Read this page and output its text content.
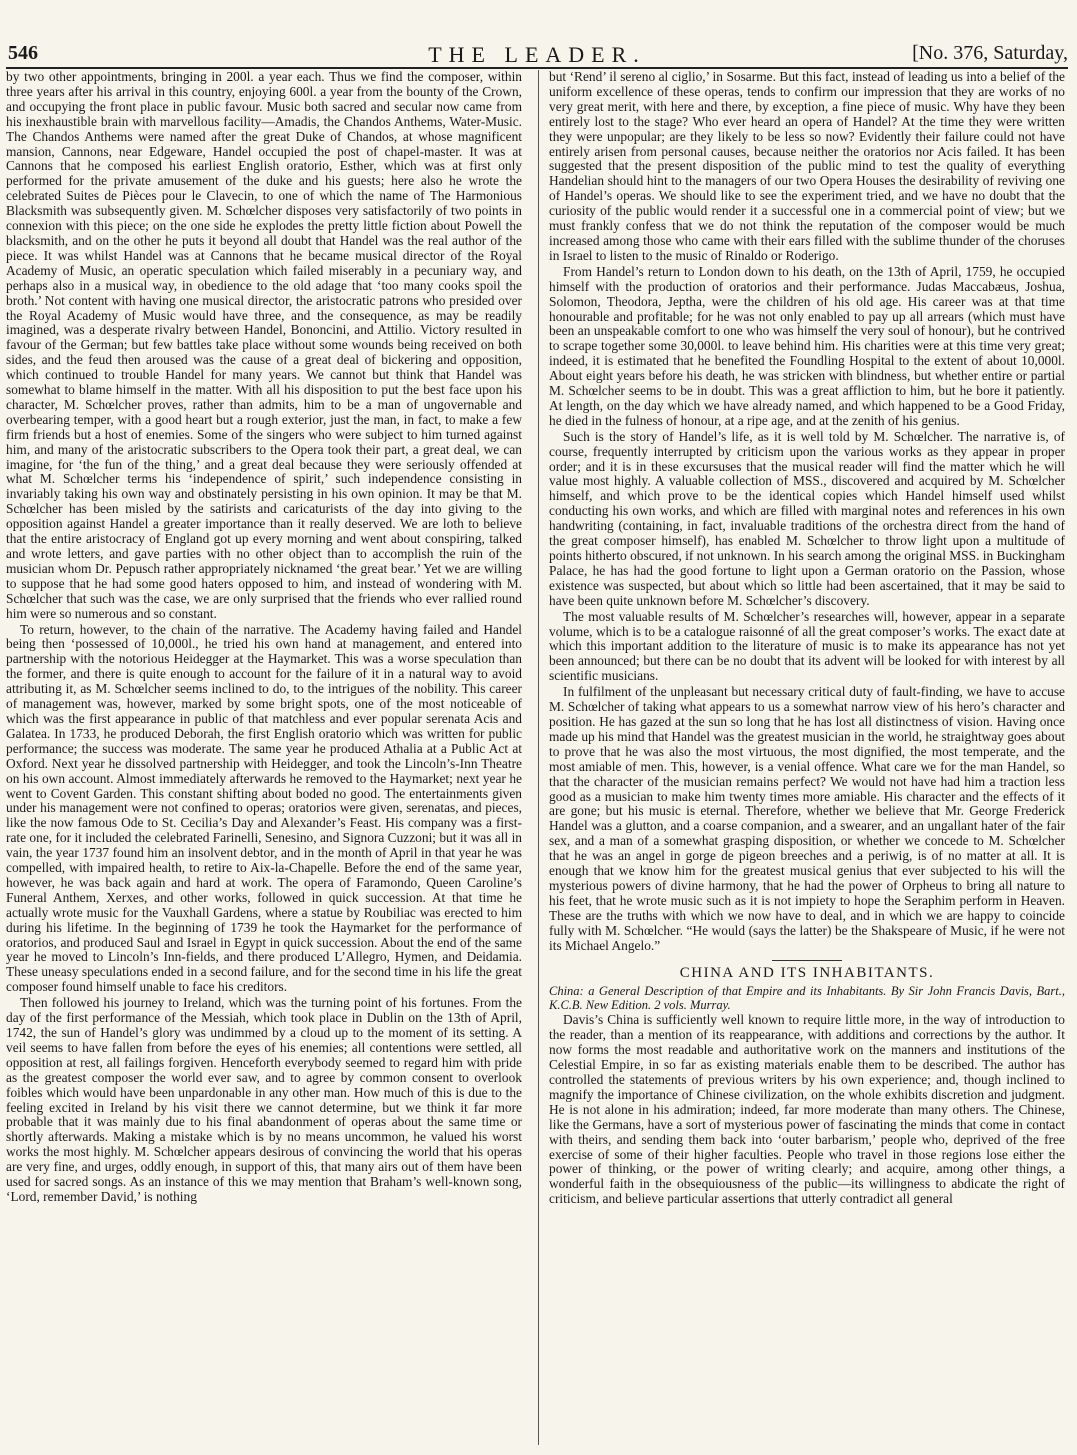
546	THE LEADER.	[No. 376, Saturday,

by two other appointments, bringing in 200l. a year each. Thus we find the composer, within three years after his arrival in this country, enjoying 600l. a year from the bounty of the Crown, and occupying the front place in public favour. Music both sacred and secular now came from his inexhaustible brain with marvellous facility—Amadis, the Chandos Anthems, Water-Music. The Chandos Anthems were named after the great Duke of Chandos, at whose magnificent mansion, Cannons, near Edgeware, Handel occupied the post of chapel-master. It was at Cannons that he composed his earliest English oratorio, Esther, which was at first only performed for the private amusement of the duke and his guests; here also he wrote the celebrated Suites de Pièces pour le Clavecin, to one of which the name of The Harmonious Blacksmith was subsequently given. M. Schœlcher disposes very satisfactorily of two points in connexion with this piece; on the one side he explodes the pretty little fiction about Powell the blacksmith, and on the other he puts it beyond all doubt that Handel was the real author of the piece. It was whilst Handel was at Cannons that he became musical director of the Royal Academy of Music, an operatic speculation which failed miserably in a pecuniary way, and perhaps also in a musical way, in obedience to the old adage that ‘too many cooks spoil the broth.’ Not content with having one musical director, the aristocratic patrons who presided over the Royal Academy of Music would have three, and the consequence, as may be readily imagined, was a desperate rivalry between Handel, Bononcini, and Attilio. Victory resulted in favour of the German; but few battles take place without some wounds being received on both sides, and the feud then aroused was the cause of a great deal of bickering and opposition, which continued to trouble Handel for many years. We cannot but think that Handel was somewhat to blame himself in the matter. With all his disposition to put the best face upon his character, M. Schœlcher proves, rather than admits, him to be a man of ungovernable and overbearing temper, with a good heart but a rough exterior, just the man, in fact, to make a few firm friends but a host of enemies. Some of the singers who were subject to him turned against him, and many of the aristocratic subscribers to the Opera took their part, a great deal, we can imagine, for ‘the fun of the thing,’ and a great deal because they were seriously offended at what M. Schœlcher terms his ‘independence of spirit,’ such independence consisting in invariably taking his own way and obstinately persisting in his own opinion. It may be that M. Schœlcher has been misled by the satirists and caricaturists of the day into giving to the opposition against Handel a greater importance than it really deserved. We are loth to believe that the entire aristocracy of England got up every morning and went about conspiring, talked and wrote letters, and gave parties with no other object than to accomplish the ruin of the musician whom Dr. Pepusch rather appropriately nicknamed ‘the great bear.’ Yet we are willing to suppose that he had some good haters opposed to him, and instead of wondering with M. Schœlcher that such was the case, we are only surprised that the friends who ever rallied round him were so numerous and so constant.

To return, however, to the chain of the narrative. The Academy having failed and Handel being then ‘possessed of 10,000l., he tried his own hand at management, and entered into partnership with the notorious Heidegger at the Haymarket. This was a worse speculation than the former, and there is quite enough to account for the failure of it in a natural way to avoid attributing it, as M. Schœlcher seems inclined to do, to the intrigues of the nobility. This career of management was, however, marked by some bright spots, one of the most noticeable of which was the first appearance in public of that matchless and ever popular serenata Acis and Galatea. In 1733, he produced Deborah, the first English oratorio which was written for public performance; the success was moderate. The same year he produced Athalia at a Public Act at Oxford. Next year he dissolved partnership with Heidegger, and took the Lincoln’s-Inn Theatre on his own account. Almost immediately afterwards he removed to the Haymarket; next year he went to Covent Garden. This constant shifting about boded no good. The entertainments given under his management were not confined to operas; oratorios were given, serenatas, and pieces, like the now famous Ode to St. Cecilia’s Day and Alexander’s Feast. His company was a first-rate one, for it included the celebrated Farinelli, Senesino, and Signora Cuzzoni; but it was all in vain, the year 1737 found him an insolvent debtor, and in the month of April in that year he was compelled, with impaired health, to retire to Aix-la-Chapelle. Before the end of the same year, however, he was back again and hard at work. The opera of Faramondo, Queen Caroline’s Funeral Anthem, Xerxes, and other works, followed in quick succession. At that time he actually wrote music for the Vauxhall Gardens, where a statue by Roubiliac was erected to him during his lifetime. In the beginning of 1739 he took the Haymarket for the performance of oratorios, and produced Saul and Israel in Egypt in quick succession. About the end of the same year he moved to Lincoln’s Inn-fields, and there produced L’Allegro, Hymen, and Deidamia. These uneasy speculations ended in a second failure, and for the second time in his life the great composer found himself unable to face his creditors.

Then followed his journey to Ireland, which was the turning point of his fortunes. From the day of the first performance of the Messiah, which took place in Dublin on the 13th of April, 1742, the sun of Handel’s glory was undimmed by a cloud up to the moment of its setting. A veil seems to have fallen from before the eyes of his enemies; all contentions were settled, all opposition at rest, all failings forgiven. Henceforth everybody seemed to regard him with pride as the greatest composer the world ever saw, and to agree by common consent to overlook foibles which would have been unpardonable in any other man. How much of this is due to the feeling excited in Ireland by his visit there we cannot determine, but we think it far more probable that it was mainly due to his final abandonment of operas about the same time or shortly afterwards. Making a mistake which is by no means uncommon, he valued his worst works the most highly. M. Schœlcher appears desirous of convincing the world that his operas are very fine, and urges, oddly enough, in support of this, that many airs out of them have been used for sacred songs. As an instance of this we may mention that Braham’s well-known song, ‘Lord, remember David,’ is nothing

but ‘Rend’ il sereno al ciglio,’ in Sosarme. But this fact, instead of leading us into a belief of the uniform excellence of these operas, tends to confirm our impression that they are works of no very great merit, with here and there, by exception, a fine piece of music. Why have they been entirely lost to the stage? Who ever heard an opera of Handel? At the time they were written they were unpopular; are they likely to be less so now? Evidently their failure could not have entirely arisen from personal causes, because neither the oratorios nor Acis failed. It has been suggested that the present disposition of the public mind to test the quality of everything Handelian should hint to the managers of our two Opera Houses the desirability of reviving one of Handel’s operas. We should like to see the experiment tried, and we have no doubt that the curiosity of the public would render it a successful one in a commercial point of view; but we must frankly confess that we do not think the reputation of the composer would be much increased among those who came with their ears filled with the sublime thunder of the choruses in Israel to listen to the music of Rinaldo or Roderigo.

From Handel’s return to London down to his death, on the 13th of April, 1759, he occupied himself with the production of oratorios and their performance. Judas Maccabæus, Joshua, Solomon, Theodora, Jeptha, were the children of his old age. His career was at that time honourable and profitable; for he was not only enabled to pay up all arrears (which must have been an unspeakable comfort to one who was himself the very soul of honour), but he contrived to scrape together some 30,000l. to leave behind him. His charities were at this time very great; indeed, it is estimated that he benefited the Foundling Hospital to the extent of about 10,000l. About eight years before his death, he was stricken with blindness, but whether entire or partial M. Schœlcher seems to be in doubt. This was a great affliction to him, but he bore it patiently. At length, on the day which we have already named, and which happened to be a Good Friday, he died in the fulness of honour, at a ripe age, and at the zenith of his genius.

Such is the story of Handel’s life, as it is well told by M. Schœlcher. The narrative is, of course, frequently interrupted by criticism upon the various works as they appear in proper order; and it is in these excursuses that the musical reader will find the matter which he will value most highly. A valuable collection of MSS., discovered and acquired by M. Schœlcher himself, and which prove to be the identical copies which Handel himself used whilst conducting his own works, and which are filled with marginal notes and references in his own handwriting (containing, in fact, invaluable traditions of the orchestra direct from the hand of the great composer himself), has enabled M. Schœlcher to throw light upon a multitude of points hitherto obscured, if not unknown. In his search among the original MSS. in Buckingham Palace, he has had the good fortune to light upon a German oratorio on the Passion, whose existence was suspected, but about which so little had been ascertained, that it may be said to have been quite unknown before M. Schœlcher’s discovery.

The most valuable results of M. Schœlcher’s researches will, however, appear in a separate volume, which is to be a catalogue raisonné of all the great composer’s works. The exact date at which this important addition to the literature of music is to make its appearance has not yet been announced; but there can be no doubt that its advent will be looked for with interest by all scientific musicians.

In fulfilment of the unpleasant but necessary critical duty of fault-finding, we have to accuse M. Schœlcher of taking what appears to us a somewhat narrow view of his hero’s character and position. He has gazed at the sun so long that he has lost all distinctness of vision. Having once made up his mind that Handel was the greatest musician in the world, he straightway goes about to prove that he was also the most virtuous, the most dignified, the most temperate, and the most amiable of men. This, however, is a venial offence. What care we for the man Handel, so that the character of the musician remains perfect? We would not have had him a traction less good as a musician to make him twenty times more amiable. His character and the effects of it are gone; but his music is eternal. Therefore, whether we believe that Mr. George Frederick Handel was a glutton, and a coarse companion, and a swearer, and an ungallant hater of the fair sex, and a man of a somewhat grasping disposition, or whether we concede to M. Schœlcher that he was an angel in gorge de pigeon breeches and a periwig, is of no matter at all. It is enough that we know him for the greatest musical genius that ever subjected to his will the mysterious powers of divine harmony, that he had the power of Orpheus to bring all nature to his feet, that he wrote music such as it is not impiety to hope the Seraphim perform in Heaven. These are the truths with which we now have to deal, and in which we are happy to coincide fully with M. Schœlcher. “He would (says the latter) be the Shakspeare of Music, if he were not its Michael Angelo.”

CHINA AND ITS INHABITANTS.

China: a General Description of that Empire and its Inhabitants. By Sir John Francis Davis, Bart., K.C.B. New Edition. 2 vols. Murray.

Davis’s China is sufficiently well known to require little more, in the way of introduction to the reader, than a mention of its reappearance, with additions and corrections by the author. It now forms the most readable and authoritative work on the manners and institutions of the Celestial Empire, in so far as existing materials enable them to be described. The author has controlled the statements of previous writers by his own experience; and, though inclined to magnify the importance of Chinese civilization, on the whole exhibits discretion and judgment. He is not alone in his admiration; indeed, far more moderate than many others. The Chinese, like the Germans, have a sort of mysterious power of fascinating the minds that come in contact with theirs, and sending them back into ‘outer barbarism,’ people who, deprived of the free exercise of some of their higher faculties. People who travel in those regions lose either the power of thinking, or the power of writing clearly; and acquire, among other things, a wonderful faith in the obsequiousness of the public—its willingness to abdicate the right of criticism, and believe particular assertions that utterly contradict all general
